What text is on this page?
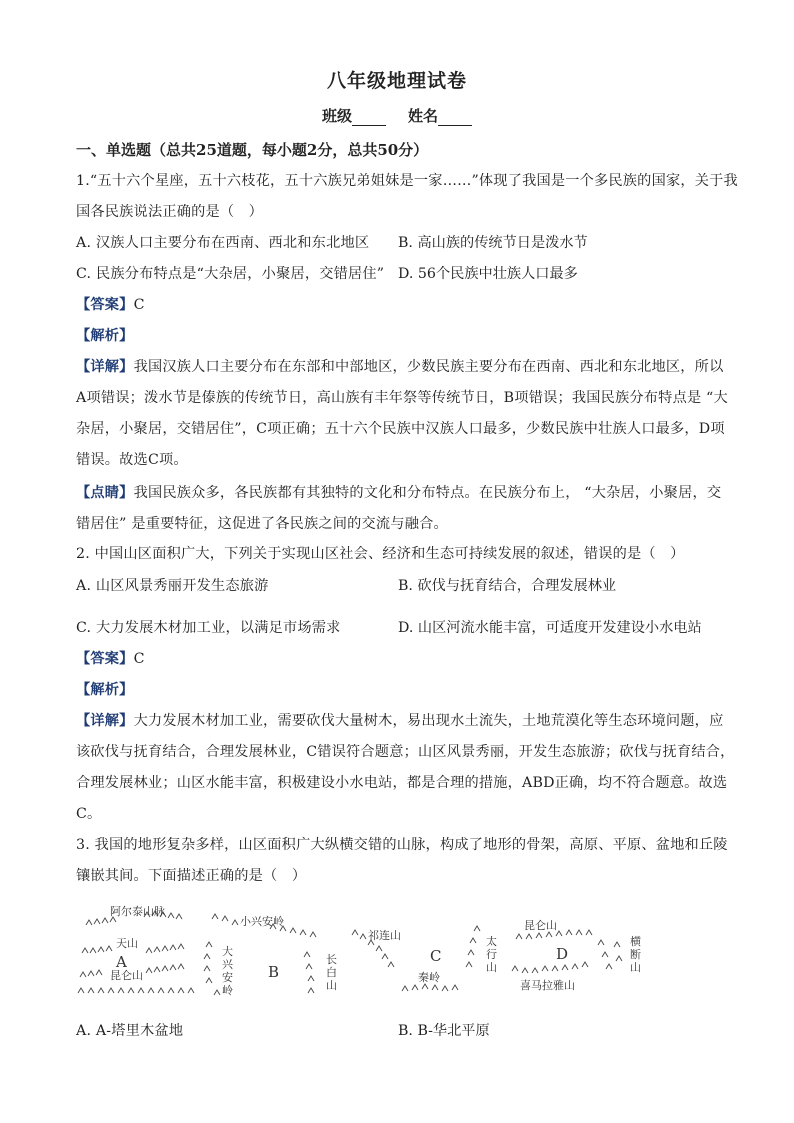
八年级地理试卷
班级	姓名
一、单选题（总共25道题，每小题2分，总共50分）
1.“五十六个星座，五十六枝花，五十六族兄弟姐妹是一家……”体现了我国是一个多民族的国家，关于我
国各民族说法正确的是（　）
A. 汉族人口主要分布在西南、西北和东北地区 B. 高山族的传统节日是泼水节
C. 民族分布特点是“大杂居，小聚居，交错居住” D. 56个民族中壮族人口最多
【答案】C
【解析】
【详解】我国汉族人口主要分布在东部和中部地区，少数民族主要分布在西南、西北和东北地区，所以
A项错误；泼水节是傣族的传统节日，高山族有丰年祭等传统节日，B项错误；我国民族分布特点是 “大
杂居，小聚居，交错居住”，C项正确；五十六个民族中汉族人口最多，少数民族中壮族人口最多，D项
错误。故选C项。
【点睛】我国民族众多，各民族都有其独特的文化和分布特点。在民族分布上， “大杂居，小聚居，交
错居住” 是重要特征，这促进了各民族之间的交流与融合。
2. 中国山区面积广大，下列关于实现山区社会、经济和生态可持续发展的叙述，错误的是（　）
A. 山区风景秀丽开发生态旅游	B. 砍伐与抚育结合，合理发展林业
C. 大力发展木材加工业，以满足市场需求	D. 山区河流水能丰富，可适度开发建设小水电站
【答案】C
【解析】
【详解】大力发展木材加工业，需要砍伐大量树木，易出现水土流失，土地荒漠化等生态环境问题，应
该砍伐与抚育结合，合理发展林业，C错误符合题意；山区风景秀丽，开发生态旅游；砍伐与抚育结合，
合理发展林业；山区水能丰富，积极建设小水电站，都是合理的措施，ABD正确，均不符合题意。故选
C。
3. 我国的地形复杂多样，山区面积广大纵横交错的山脉，构成了地形的骨架，高原、平原、盆地和丘陵
镶嵌其间。下面描述正确的是（　）
阿尔泰山脉
天山
A
昆仑山
小兴安岭
大
兴
安
岭
B
长
白
山
祁连山
C
秦岭
太
行
山
昆仑山
D
横
断
山
喜马拉雅山
A. A-塔里木盆地	B. B-华北平原
